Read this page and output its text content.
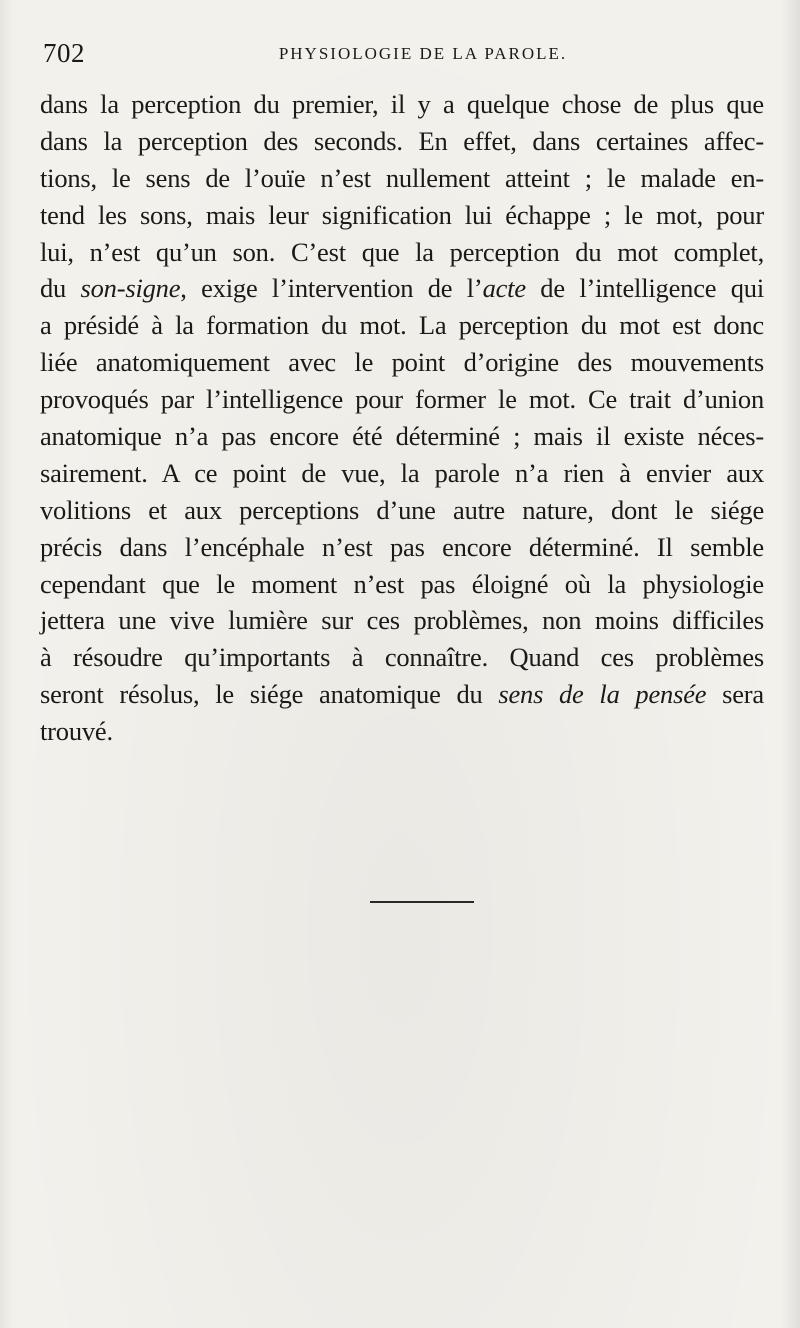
702	PHYSIOLOGIE DE LA PAROLE.
dans la perception du premier, il y a quelque chose de plus que
dans la perception des seconds. En effet, dans certaines affec-
tions, le sens de l’ouïe n’est nullement atteint ; le malade en-
tend les sons, mais leur signification lui échappe ; le mot, pour
lui, n’est qu’un son. C’est que la perception du mot complet,
du son-signe, exige l’intervention de l’acte de l’intelligence qui
a présidé à la formation du mot. La perception du mot est donc
liée anatomiquement avec le point d’origine des mouvements
provoqués par l’intelligence pour former le mot. Ce trait d’union
anatomique n’a pas encore été déterminé ; mais il existe néces-
sairement. A ce point de vue, la parole n’a rien à envier aux
volitions et aux perceptions d’une autre nature, dont le siége
précis dans l’encéphale n’est pas encore déterminé. Il semble
cependant que le moment n’est pas éloigné où la physiologie
jettera une vive lumière sur ces problèmes, non moins difficiles
à résoudre qu’importants à connaître. Quand ces problèmes
seront résolus, le siége anatomique du sens de la pensée sera
trouvé.
